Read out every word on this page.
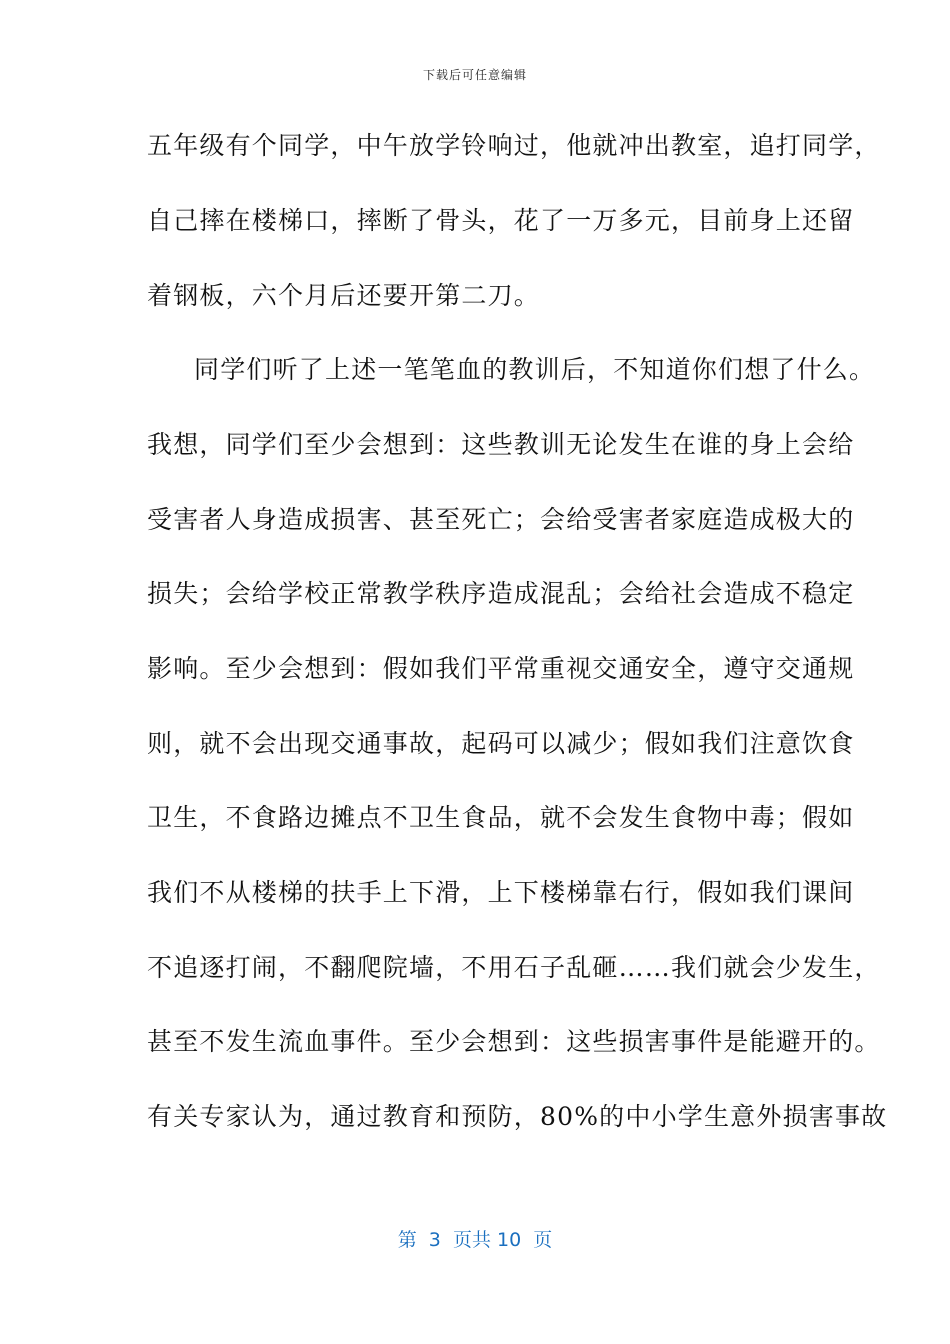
下载后可任意编辑
五年级有个同学，中午放学铃响过，他就冲出教室，追打同学，
自己摔在楼梯口，摔断了骨头，花了一万多元，目前身上还留
着钢板，六个月后还要开第二刀。
同学们听了上述一笔笔血的教训后，不知道你们想了什么。
我想，同学们至少会想到：这些教训无论发生在谁的身上会给
受害者人身造成损害、甚至死亡；会给受害者家庭造成极大的
损失；会给学校正常教学秩序造成混乱；会给社会造成不稳定
影响。至少会想到：假如我们平常重视交通安全，遵守交通规
则，就不会出现交通事故，起码可以减少；假如我们注意饮食
卫生，不食路边摊点不卫生食品，就不会发生食物中毒；假如
我们不从楼梯的扶手上下滑，上下楼梯靠右行，假如我们课间
不追逐打闹，不翻爬院墙，不用石子乱砸……我们就会少发生，
甚至不发生流血事件。至少会想到：这些损害事件是能避开的。
有关专家认为，通过教育和预防，80%的中小学生意外损害事故
第  3  页共 10  页
